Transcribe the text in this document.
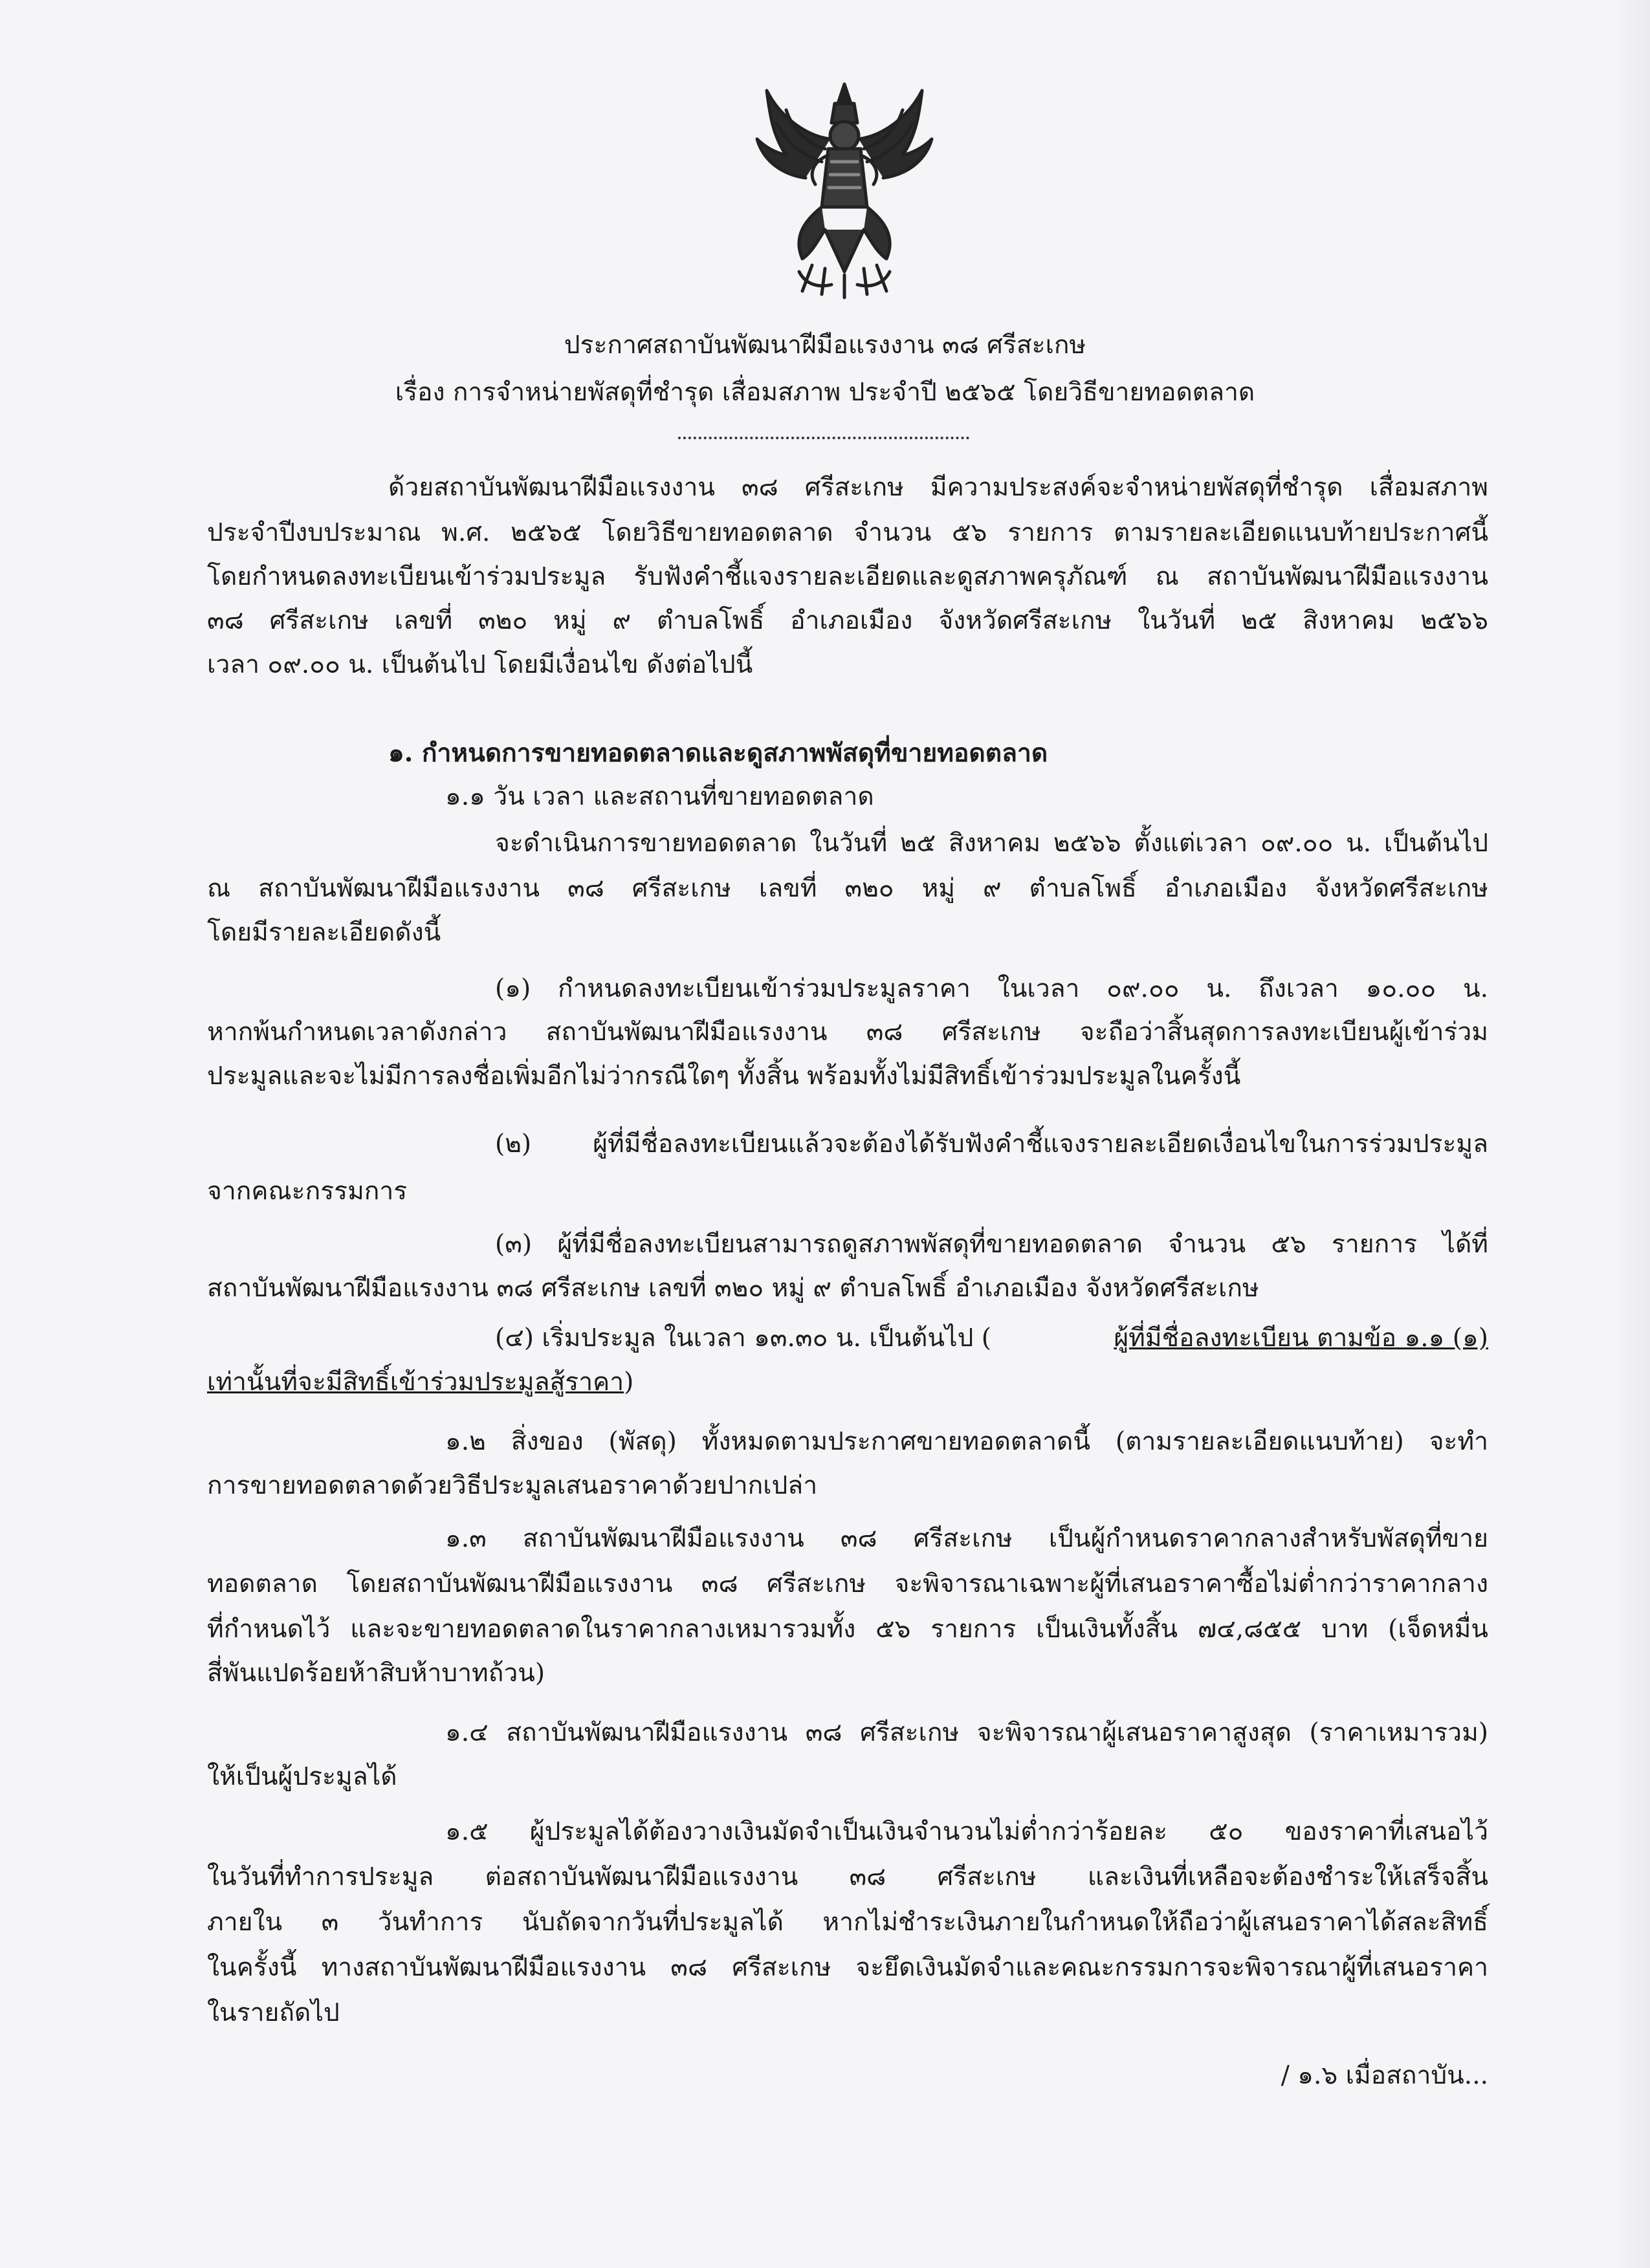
ประกาศสถาบันพัฒนาฝีมือแรงงาน ๓๘ ศรีสะเกษ
เรื่อง การจำหน่ายพัสดุที่ชำรุด เสื่อมสภาพ ประจำปี ๒๕๖๕ โดยวิธีขายทอดตลาด
ด้วยสถาบันพัฒนาฝีมือแรงงาน ๓๘ ศรีสะเกษ มีความประสงค์จะจำหน่ายพัสดุที่ชำรุด เสื่อมสภาพ
ประจำปีงบประมาณ พ.ศ. ๒๕๖๕ โดยวิธีขายทอดตลาด จำนวน ๕๖ รายการ ตามรายละเอียดแนบท้ายประกาศนี้
โดยกำหนดลงทะเบียนเข้าร่วมประมูล รับฟังคำชี้แจงรายละเอียดและดูสภาพครุภัณฑ์ ณ สถาบันพัฒนาฝีมือแรงงาน
๓๘ ศรีสะเกษ เลขที่ ๓๒๐ หมู่ ๙ ตำบลโพธิ์ อำเภอเมือง จังหวัดศรีสะเกษ ในวันที่ ๒๕ สิงหาคม ๒๕๖๖
เวลา ๐๙.๐๐ น. เป็นต้นไป โดยมีเงื่อนไข ดังต่อไปนี้
๑. กำหนดการขายทอดตลาดและดูสภาพพัสดุที่ขายทอดตลาด
๑.๑ วัน เวลา และสถานที่ขายทอดตลาด
จะดำเนินการขายทอดตลาด ในวันที่ ๒๕ สิงหาคม ๒๕๖๖ ตั้งแต่เวลา ๐๙.๐๐ น. เป็นต้นไป
ณ สถาบันพัฒนาฝีมือแรงงาน ๓๘ ศรีสะเกษ เลขที่ ๓๒๐ หมู่ ๙ ตำบลโพธิ์ อำเภอเมือง จังหวัดศรีสะเกษ
โดยมีรายละเอียดดังนี้
(๑) กำหนดลงทะเบียนเข้าร่วมประมูลราคา ในเวลา ๐๙.๐๐ น. ถึงเวลา ๑๐.๐๐ น.
หากพ้นกำหนดเวลาดังกล่าว สถาบันพัฒนาฝีมือแรงงาน ๓๘ ศรีสะเกษ จะถือว่าสิ้นสุดการลงทะเบียนผู้เข้าร่วม
ประมูลและจะไม่มีการลงชื่อเพิ่มอีกไม่ว่ากรณีใดๆ ทั้งสิ้น พร้อมทั้งไม่มีสิทธิ์เข้าร่วมประมูลในครั้งนี้
(๒) ผู้ที่มีชื่อลงทะเบียนแล้วจะต้องได้รับฟังคำชี้แจงรายละเอียดเงื่อนไขในการร่วมประมูล
จากคณะกรรมการ
(๓) ผู้ที่มีชื่อลงทะเบียนสามารถดูสภาพพัสดุที่ขายทอดตลาด จำนวน ๕๖ รายการ ได้ที่
สถาบันพัฒนาฝีมือแรงงาน ๓๘ ศรีสะเกษ เลขที่ ๓๒๐ หมู่ ๙ ตำบลโพธิ์ อำเภอเมือง จังหวัดศรีสะเกษ
(๔) เริ่มประมูล ในเวลา ๑๓.๓๐ น. เป็นต้นไป (	ผู้ที่มีชื่อลงทะเบียน ตามข้อ ๑.๑ (๑)
เท่านั้นที่จะมีสิทธิ์เข้าร่วมประมูลสู้ราคา)
๑.๒ สิ่งของ (พัสดุ) ทั้งหมดตามประกาศขายทอดตลาดนี้ (ตามรายละเอียดแนบท้าย) จะทำ
การขายทอดตลาดด้วยวิธีประมูลเสนอราคาด้วยปากเปล่า
๑.๓ สถาบันพัฒนาฝีมือแรงงาน ๓๘ ศรีสะเกษ เป็นผู้กำหนดราคากลางสำหรับพัสดุที่ขาย
ทอดตลาด โดยสถาบันพัฒนาฝีมือแรงงาน ๓๘ ศรีสะเกษ จะพิจารณาเฉพาะผู้ที่เสนอราคาซื้อไม่ต่ำกว่าราคากลาง
ที่กำหนดไว้ และจะขายทอดตลาดในราคากลางเหมารวมทั้ง ๕๖ รายการ เป็นเงินทั้งสิ้น ๗๔,๘๕๕ บาท (เจ็ดหมื่น
สี่พันแปดร้อยห้าสิบห้าบาทถ้วน)
๑.๔ สถาบันพัฒนาฝีมือแรงงาน ๓๘ ศรีสะเกษ จะพิจารณาผู้เสนอราคาสูงสุด (ราคาเหมารวม)
ให้เป็นผู้ประมูลได้
๑.๕ ผู้ประมูลได้ต้องวางเงินมัดจำเป็นเงินจำนวนไม่ต่ำกว่าร้อยละ ๕๐ ของราคาที่เสนอไว้
ในวันที่ทำการประมูล ต่อสถาบันพัฒนาฝีมือแรงงาน ๓๘ ศรีสะเกษ และเงินที่เหลือจะต้องชำระให้เสร็จสิ้น
ภายใน ๓ วันทำการ นับถัดจากวันที่ประมูลได้ หากไม่ชำระเงินภายในกำหนดให้ถือว่าผู้เสนอราคาได้สละสิทธิ์
ในครั้งนี้ ทางสถาบันพัฒนาฝีมือแรงงาน ๓๘ ศรีสะเกษ จะยึดเงินมัดจำและคณะกรรมการจะพิจารณาผู้ที่เสนอราคา
ในรายถัดไป
/ ๑.๖ เมื่อสถาบัน...
